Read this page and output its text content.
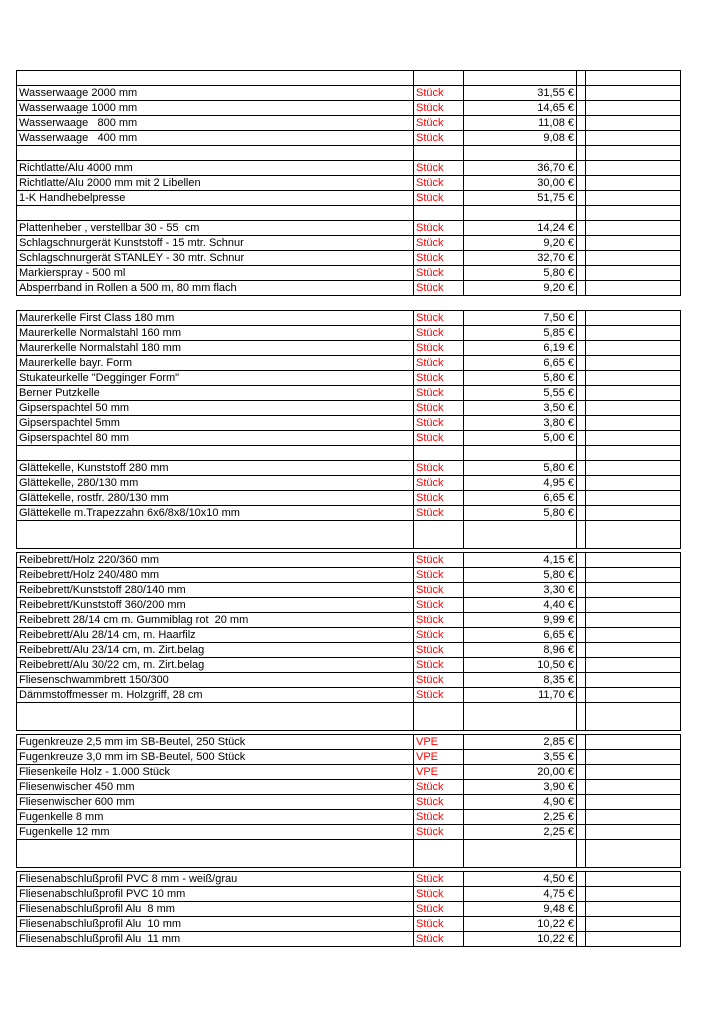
Wasserwaage 2000 mm	Stück	31,55 €		
Wasserwaage 1000 mm	Stück	14,65 €		
Wasserwaage   800 mm	Stück	11,08 €		
Wasserwaage   400 mm	Stück	9,08 €		

Richtlatte/Alu 4000 mm	Stück	36,70 €		
Richtlatte/Alu 2000 mm mit 2 Libellen	Stück	30,00 €		
1-K Handhebelpresse	Stück	51,75 €		

Plattenheber , verstellbar 30 - 55  cm	Stück	14,24 €		
Schlagschnurgerät Kunststoff - 15 mtr. Schnur	Stück	9,20 €		
Schlagschnurgerät STANLEY - 30 mtr. Schnur	Stück	32,70 €		
Markierspray - 500 ml	Stück	5,80 €		
Absperrband in Rollen a 500 m, 80 mm flach	Stück	9,20 €		
Maurerkelle First Class 180 mm	Stück	7,50 €		
Maurerkelle Normalstahl 160 mm	Stück	5,85 €		
Maurerkelle Normalstahl 180 mm	Stück	6,19 €		
Maurerkelle bayr. Form	Stück	6,65 €		
Stukateurkelle "Degginger Form"	Stück	5,80 €		
Berner Putzkelle	Stück	5,55 €		
Gipserspachtel 50 mm	Stück	3,50 €		
Gipserspachtel 5mm	Stück	3,80 €		
Gipserspachtel 80 mm	Stück	5,00 €		

Glättekelle, Kunststoff 280 mm	Stück	5,80 €		
Glättekelle, 280/130 mm	Stück	4,95 €		
Glättekelle, rostfr. 280/130 mm	Stück	6,65 €		
Glättekelle m.Trapezzahn 6x6/8x8/10x10 mm	Stück	5,80 €		

Reibebrett/Holz 220/360 mm	Stück	4,15 €		
Reibebrett/Holz 240/480 mm	Stück	5,80 €		
Reibebrett/Kunststoff 280/140 mm	Stück	3,30 €		
Reibebrett/Kunststoff 360/200 mm	Stück	4,40 €		
Reibebrett 28/14 cm m. Gummiblag rot  20 mm	Stück	9,99 €		
Reibebrett/Alu 28/14 cm, m. Haarfilz	Stück	6,65 €		
Reibebrett/Alu 23/14 cm, m. Zirt.belag	Stück	8,96 €		
Reibebrett/Alu 30/22 cm, m. Zirt.belag	Stück	10,50 €		
Fliesenschwammbrett 150/300	Stück	8,35 €		
Dämmstoffmesser m. Holzgriff, 28 cm	Stück	11,70 €		

Fugenkreuze 2,5 mm im SB-Beutel, 250 Stück	VPE	2,85 €		
Fugenkreuze 3,0 mm im SB-Beutel, 500 Stück	VPE	3,55 €		
Fliesenkeile Holz - 1.000 Stück	VPE	20,00 €		
Fliesenwischer 450 mm	Stück	3,90 €		
Fliesenwischer 600 mm	Stück	4,90 €		
Fugenkelle 8 mm	Stück	2,25 €		
Fugenkelle 12 mm	Stück	2,25 €		

Fliesenabschlußprofil PVC 8 mm - weiß/grau	Stück	4,50 €		
Fliesenabschlußprofil PVC 10 mm	Stück	4,75 €		
Fliesenabschlußprofil Alu  8 mm	Stück	9,48 €		
Fliesenabschlußprofil Alu  10 mm	Stück	10,22 €		
Fliesenabschlußprofil Alu  11 mm	Stück	10,22 €		
